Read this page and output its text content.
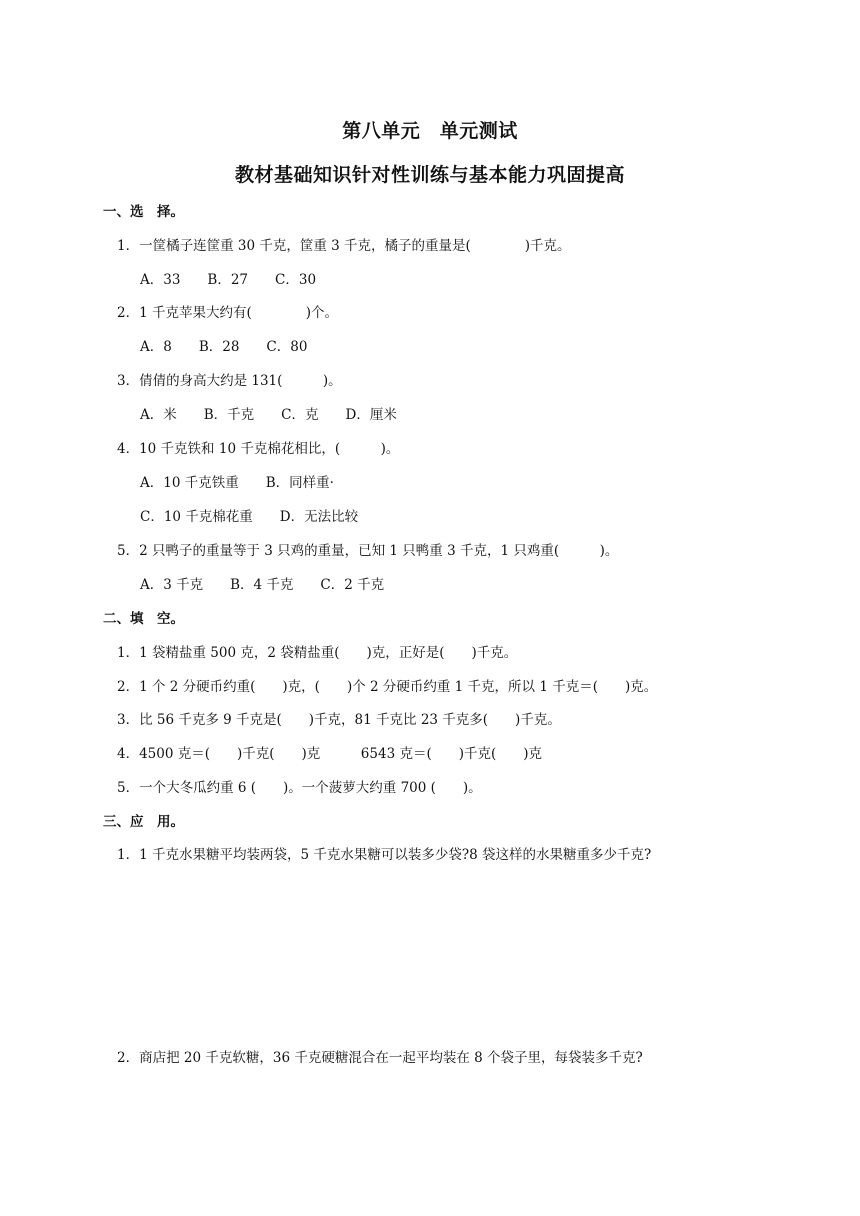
第八单元　单元测试
教材基础知识针对性训练与基本能力巩固提高
一、选　择。
1．一筐橘子连筐重 30 千克，筐重 3 千克，橘子的重量是(　　　　)千克。
A．33　　B．27　　C．30
2．1 千克苹果大约有(　　　　)个。
A．8　　B．28　　C．80
3．倩倩的身高大约是 131(　　　)。
A．米　　B．千克　　C．克　　D．厘米
4．10 千克铁和 10 千克棉花相比，(　　　)。
A．10 千克铁重　　B．同样重·
C．10 千克棉花重　　D．无法比较
5．2 只鸭子的重量等于 3 只鸡的重量，已知 1 只鸭重 3 千克，1 只鸡重(　　　)。
A．3 千克　　B．4 千克　　C．2 千克
二、填　空。
1．1 袋精盐重 500 克，2 袋精盐重(　　)克，正好是(　　)千克。
2．1 个 2 分硬币约重(　　)克，(　　)个 2 分硬币约重 1 千克，所以 1 千克＝(　　)克。
3．比 56 千克多 9 千克是(　　)千克，81 千克比 23 千克多(　　)千克。
4．4500 克＝(　　)千克(　　)克　　　6543 克＝(　　)千克(　　)克
5．一个大冬瓜约重 6 (　　)。一个菠萝大约重 700 (　　)。
三、应　用。
1．1 千克水果糖平均装两袋，5 千克水果糖可以装多少袋?8 袋这样的水果糖重多少千克?
2．商店把 20 千克软糖，36 千克硬糖混合在一起平均装在 8 个袋子里，每袋装多千克?
